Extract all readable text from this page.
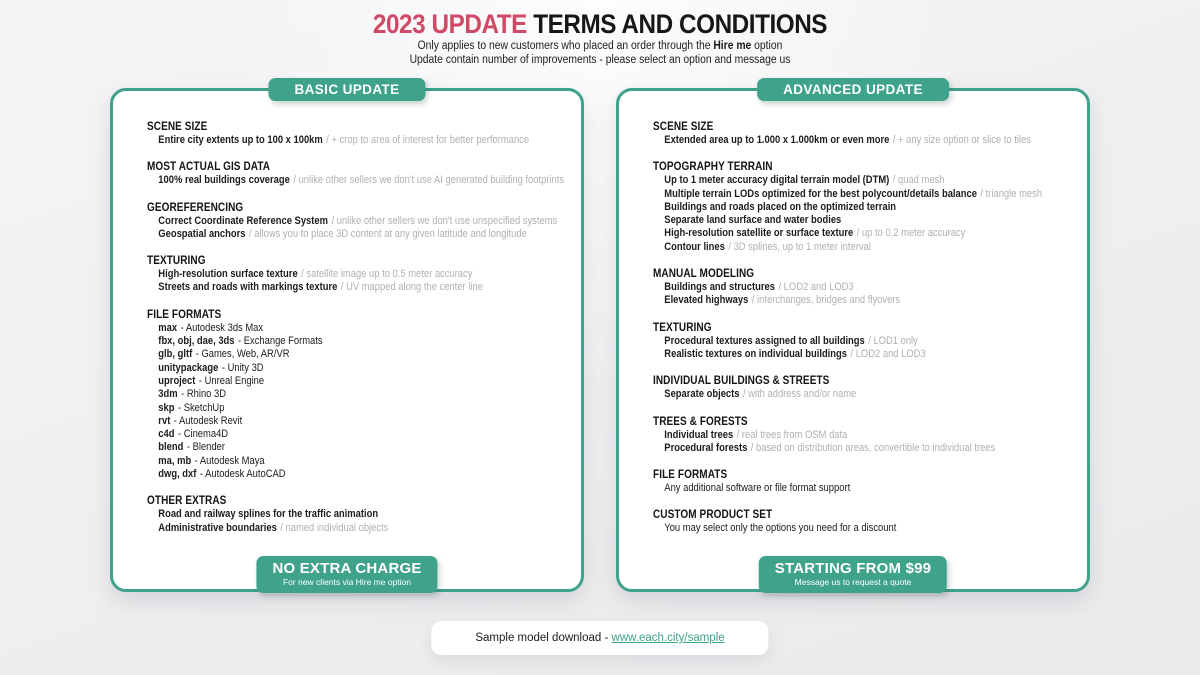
2023 UPDATE TERMS AND CONDITIONS

Only applies to new customers who placed an order through the Hire me option

Update contain number of improvements - please select an option and message us

BASIC UPDATE
SCENE SIZE
Entire city extents up to 100 x 100km / + crop to area of interest for better performance
MOST ACTUAL GIS DATA
100% real buildings coverage / unlike other sellers we don't use AI generated building footprints
GEOREFERENCING
Correct Coordinate Reference System / unlike other sellers we don't use unspecified systems
Geospatial anchors / allows you to place 3D content at any given latitude and longitude
TEXTURING
High-resolution surface texture / satellite image up to 0.5 meter accuracy
Streets and roads with markings texture / UV mapped along the center line
FILE FORMATS
max - Autodesk 3ds Max
fbx, obj, dae, 3ds - Exchange Formats
glb, gltf - Games, Web, AR/VR
unitypackage - Unity 3D
uproject - Unreal Engine
3dm - Rhino 3D
skp - SketchUp
rvt - Autodesk Revit
c4d - Cinema4D
blend - Blender
ma, mb - Autodesk Maya
dwg, dxf - Autodesk AutoCAD
OTHER EXTRAS
Road and railway splines for the traffic animation
Administrative boundaries / named individual objects
NO EXTRA CHARGE
For new clients via Hire me option
ADVANCED UPDATE
SCENE SIZE
Extended area up to 1.000 x 1.000km or even more / + any size option or slice to tiles
TOPOGRAPHY TERRAIN
Up to 1 meter accuracy digital terrain model (DTM) / quad mesh
Multiple terrain LODs optimized for the best polycount/details balance / triangle mesh
Buildings and roads placed on the optimized terrain
Separate land surface and water bodies
High-resolution satellite or surface texture / up to 0.2 meter accuracy
Contour lines / 3D splines, up to 1 meter interval
MANUAL MODELING
Buildings and structures / LOD2 and LOD3
Elevated highways / interchanges, bridges and flyovers
TEXTURING
Procedural textures assigned to all buildings / LOD1 only
Realistic textures on individual buildings / LOD2 and LOD3
INDIVIDUAL BUILDINGS & STREETS
Separate objects / with address and/or name
TREES & FORESTS
Individual trees / real trees from OSM data
Procedural forests / based on distribution areas, convertible to individual trees
FILE FORMATS
Any additional software or file format support
CUSTOM PRODUCT SET
You may select only the options you need for a discount
STARTING FROM $99
Message us to request a quote
Sample model download - www.each.city/sample
